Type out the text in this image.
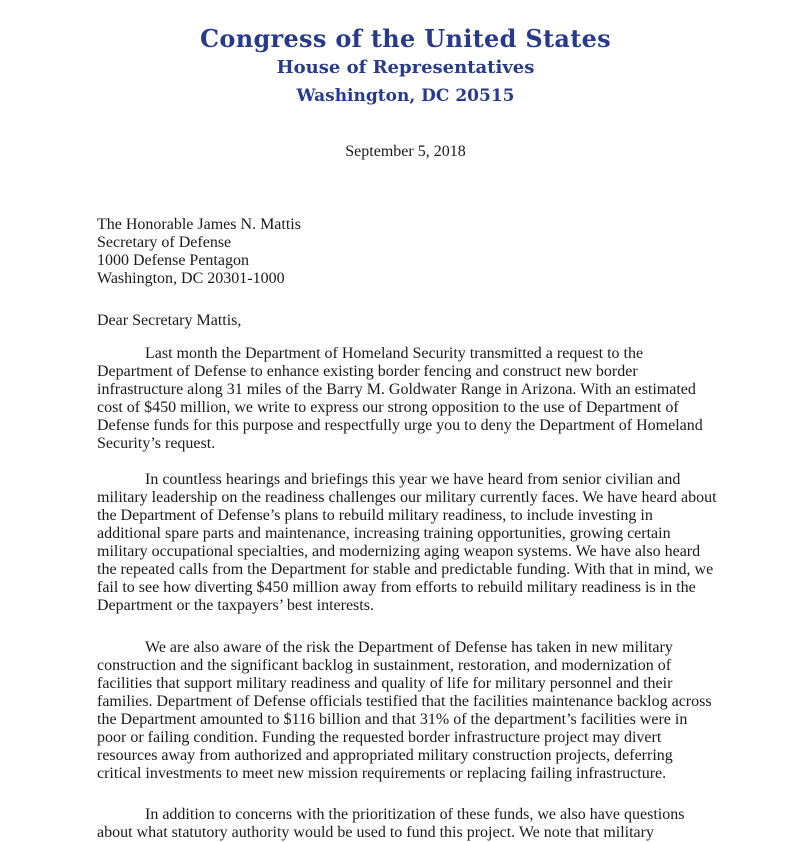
Congress of the United States
House of Representatives
Washington, DC 20515
September 5, 2018
The Honorable James N. Mattis
Secretary of Defense
1000 Defense Pentagon
Washington, DC 20301-1000
Dear Secretary Mattis,
Last month the Department of Homeland Security transmitted a request to the
Department of Defense to enhance existing border fencing and construct new border
infrastructure along 31 miles of the Barry M. Goldwater Range in Arizona. With an estimated
cost of $450 million, we write to express our strong opposition to the use of Department of
Defense funds for this purpose and respectfully urge you to deny the Department of Homeland
Security’s request.
In countless hearings and briefings this year we have heard from senior civilian and
military leadership on the readiness challenges our military currently faces. We have heard about
the Department of Defense’s plans to rebuild military readiness, to include investing in
additional spare parts and maintenance, increasing training opportunities, growing certain
military occupational specialties, and modernizing aging weapon systems. We have also heard
the repeated calls from the Department for stable and predictable funding. With that in mind, we
fail to see how diverting $450 million away from efforts to rebuild military readiness is in the
Department or the taxpayers’ best interests.
We are also aware of the risk the Department of Defense has taken in new military
construction and the significant backlog in sustainment, restoration, and modernization of
facilities that support military readiness and quality of life for military personnel and their
families. Department of Defense officials testified that the facilities maintenance backlog across
the Department amounted to $116 billion and that 31% of the department’s facilities were in
poor or failing condition. Funding the requested border infrastructure project may divert
resources away from authorized and appropriated military construction projects, deferring
critical investments to meet new mission requirements or replacing failing infrastructure.
In addition to concerns with the prioritization of these funds, we also have questions
about what statutory authority would be used to fund this project. We note that military
